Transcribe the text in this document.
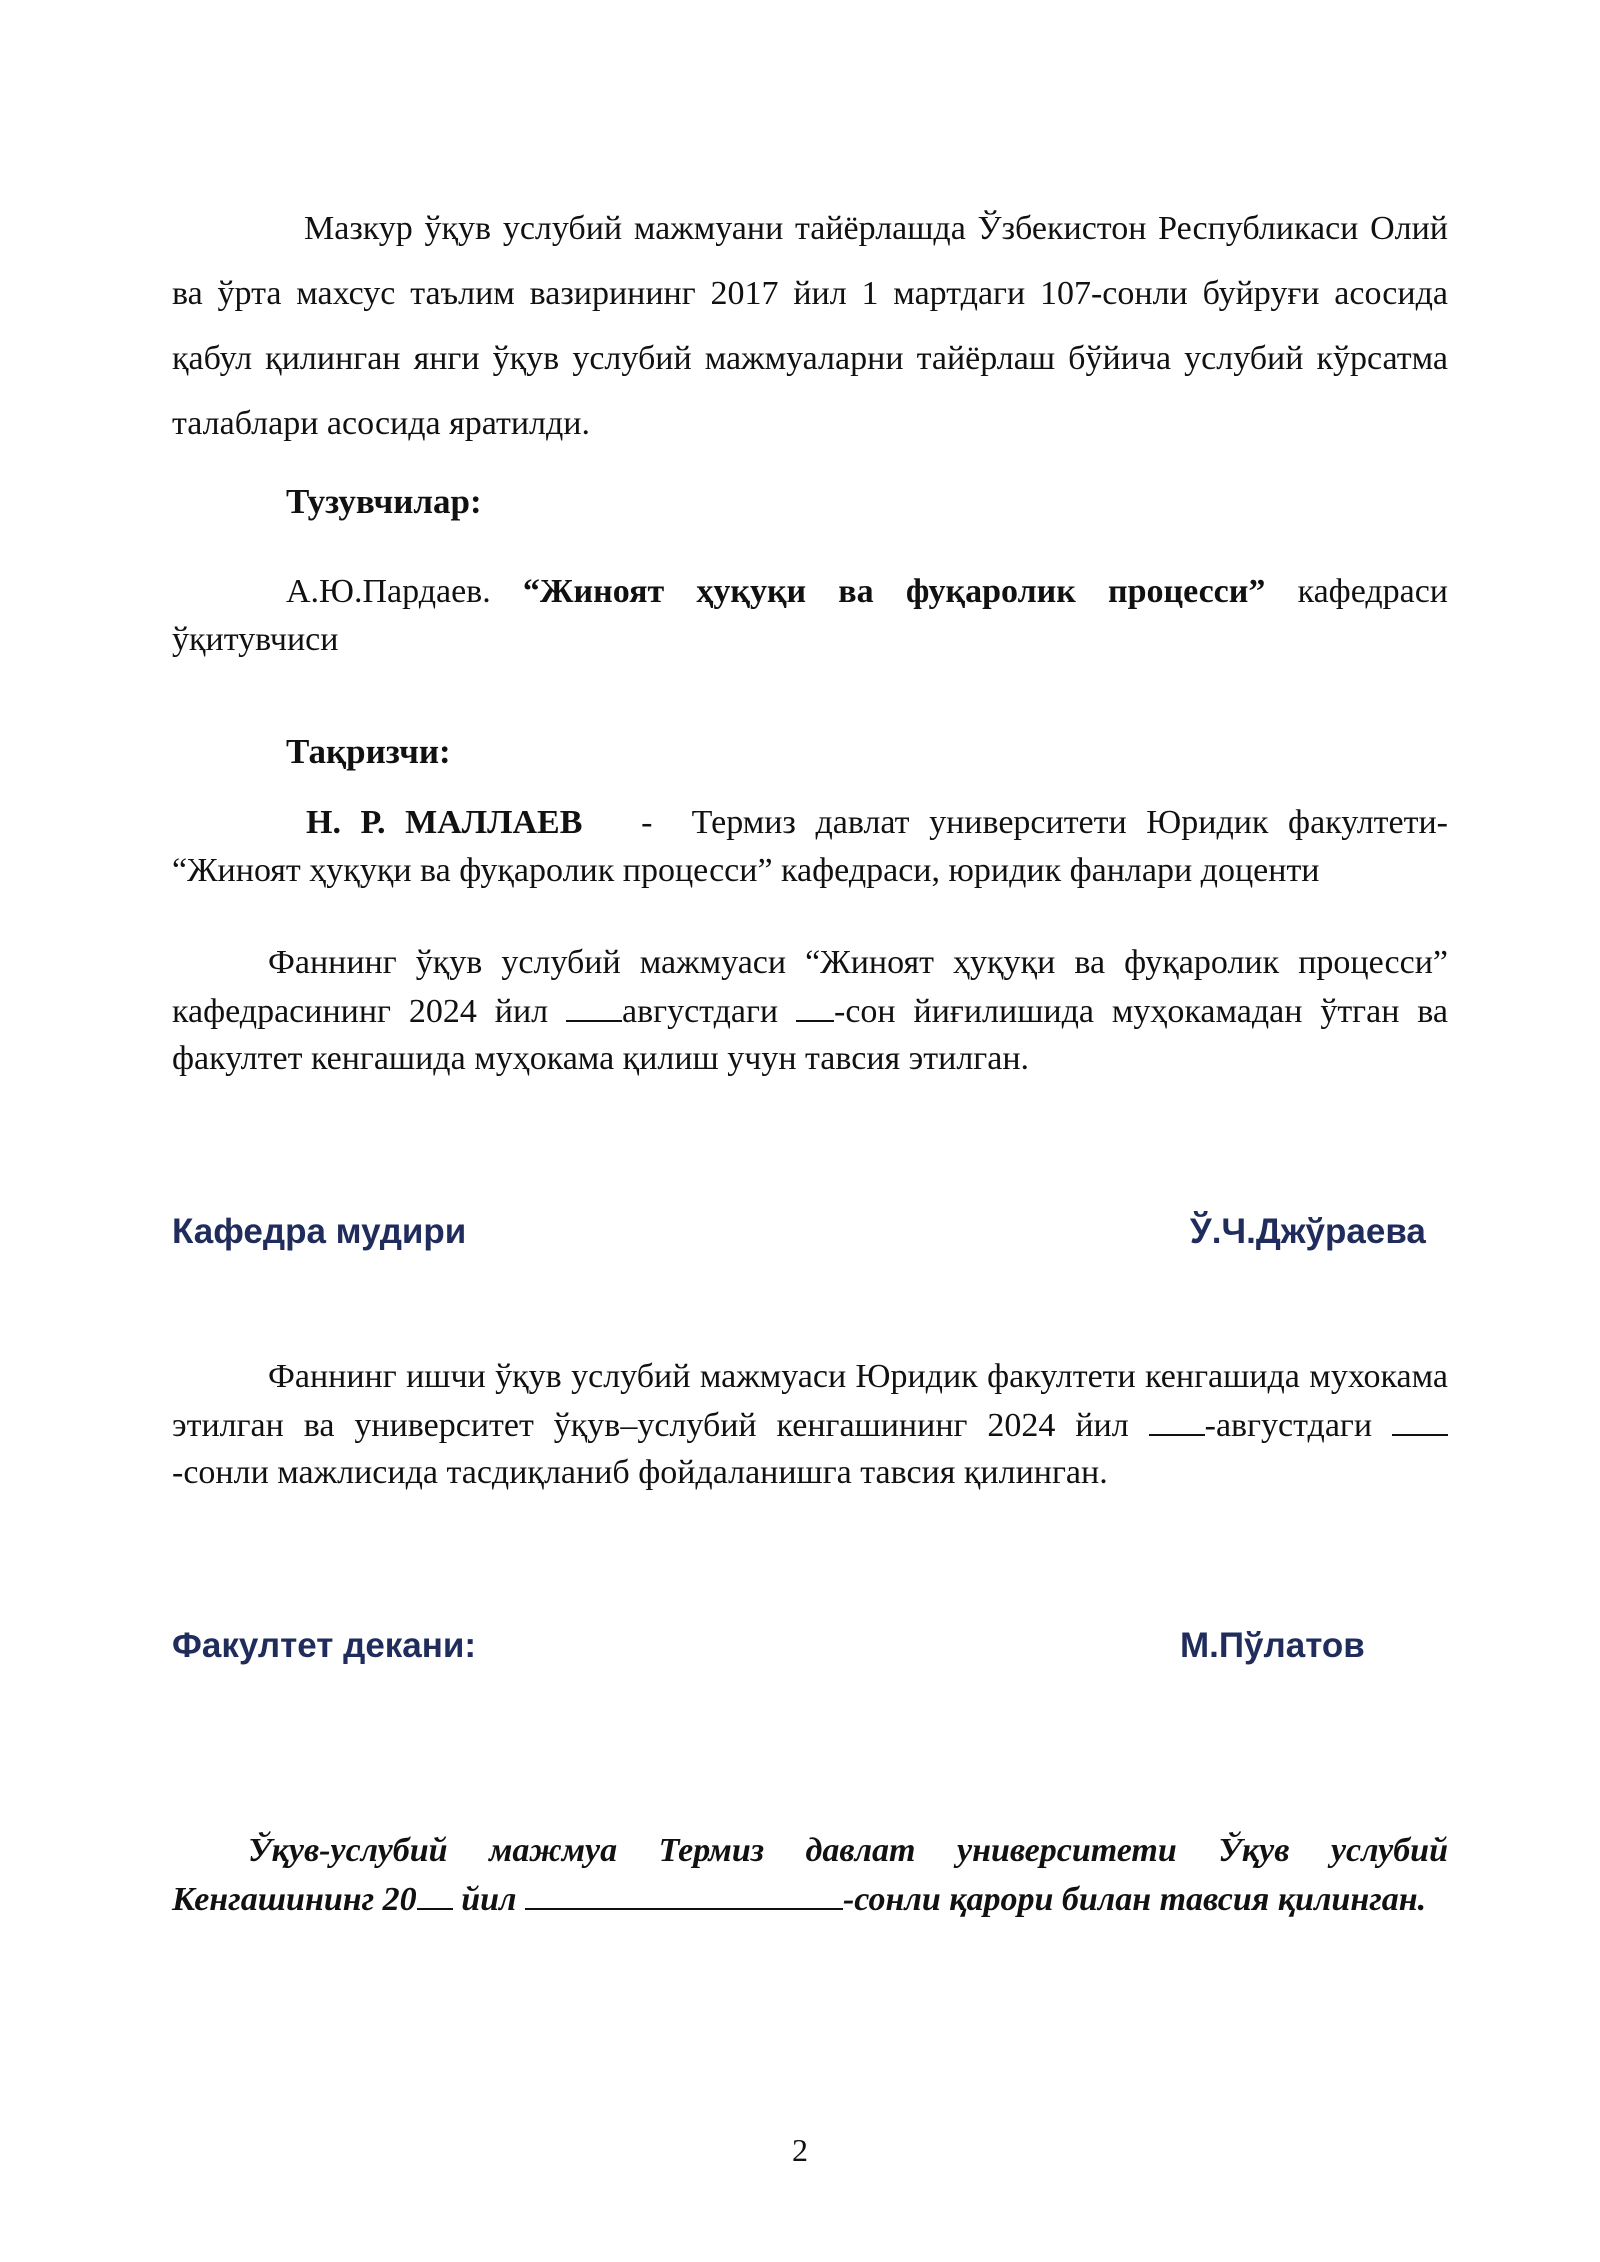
Мазкур ўқув услубий мажмуани тайёрлашда Ўзбекистон Республикаси Олий ва ўрта махсус таълим вазирининг 2017 йил 1 мартдаги 107-сонли буйруғи асосида қабул қилинган янги ўқув услубий мажмуаларни тайёрлаш бўйича услубий кўрсатма талаблари асосида яратилди.

Тузувчилар:

А.Ю.Пардаев. “Жиноят ҳуқуқи ва фуқаролик процесси” кафедраси ўқитувчиси

Тақризчи:

Н. Р. МАЛЛАЕВ - Термиз давлат университети Юридик факултети- “Жиноят ҳуқуқи ва фуқаролик процесси” кафедраси, юридик фанлари доценти

Фаннинг ўқув услубий мажмуаси “Жиноят ҳуқуқи ва фуқаролик процесси” кафедрасининг 2024 йил августдаги -сон йиғилишида муҳокамадан ўтган ва факултет кенгашида муҳокама қилиш учун тавсия этилган.

Кафедра мудири	Ў.Ч.Джўраева

Фаннинг ишчи ўқув услубий мажмуаси Юридик факултети кенгашида мухокама этилган ва университет ўқув–услубий кенгашининг 2024 йил -августдаги -сонли мажлисида тасдиқланиб фойдаланишга тавсия қилинган.

Факултет декани:	М.Пўлатов

Ўқув-услубий мажмуа Термиз давлат университети Ўқув услубий Кенгашининг 20 йил	-сонли қарори билан тавсия қилинган.

2
